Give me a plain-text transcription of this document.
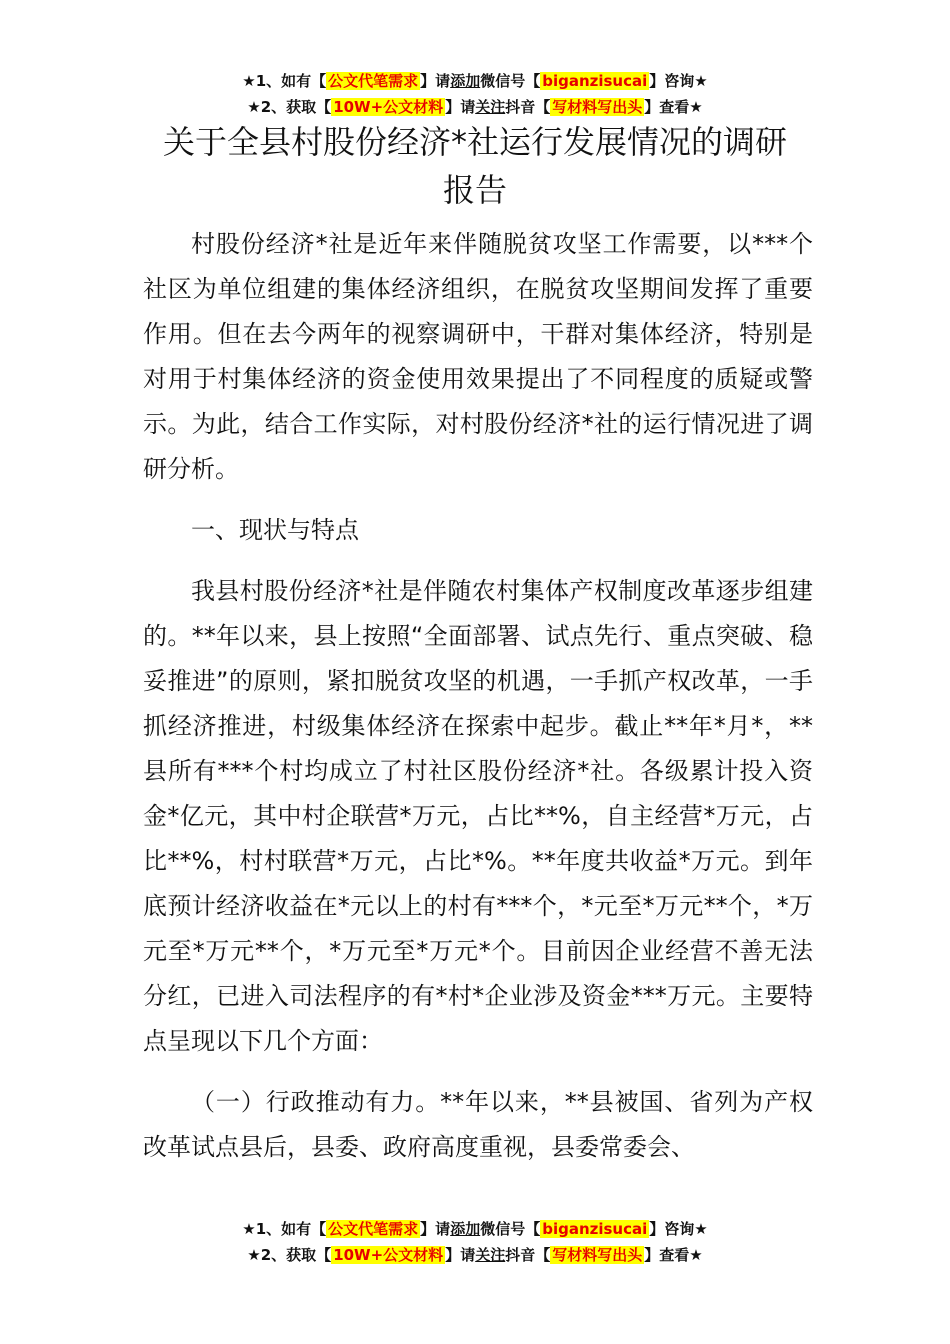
★1、如有【 公文代笔需求 】请添加微信号【 biganzisucai 】咨询★
★2、获取【 10W+公文材料 】请关注抖音【 写材料写出头 】查看★
关于全县村股份经济*社运行发展情况的调研
报告

村股份经济*社是近年来伴随脱贫攻坚工作需要，以***个社区为单位组建的集体经济组织，在脱贫攻坚期间发挥了重要作用。但在去今两年的视察调研中，干群对集体经济，特别是对用于村集体经济的资金使用效果提出了不同程度的质疑或警示。为此，结合工作实际，对村股份经济*社的运行情况进了调研分析。

一、现状与特点

我县村股份经济*社是伴随农村集体产权制度改革逐步组建的。**年以来，县上按照“全面部署、试点先行、重点突破、稳妥推进”的原则，紧扣脱贫攻坚的机遇，一手抓产权改革，一手抓经济推进，村级集体经济在探索中起步。截止**年*月*，**县所有***个村均成立了村社区股份经济*社。各级累计投入资金*亿元，其中村企联营*万元，占比**%，自主经营*万元，占比**%，村村联营*万元，占比*%。**年度共收益*万元。到年底预计经济收益在*元以上的村有***个，*元至*万元**个，*万元至*万元**个，*万元至*万元*个。目前因企业经营不善无法分红，已进入司法程序的有*村*企业涉及资金***万元。主要特点呈现以下几个方面：

（一）行政推动有力。**年以来，**县被国、省列为产权改革试点县后，县委、政府高度重视，县委常委会、

★1、如有【 公文代笔需求 】请添加微信号【 biganzisucai 】咨询★
★2、获取【 10W+公文材料 】请关注抖音【 写材料写出头 】查看★
